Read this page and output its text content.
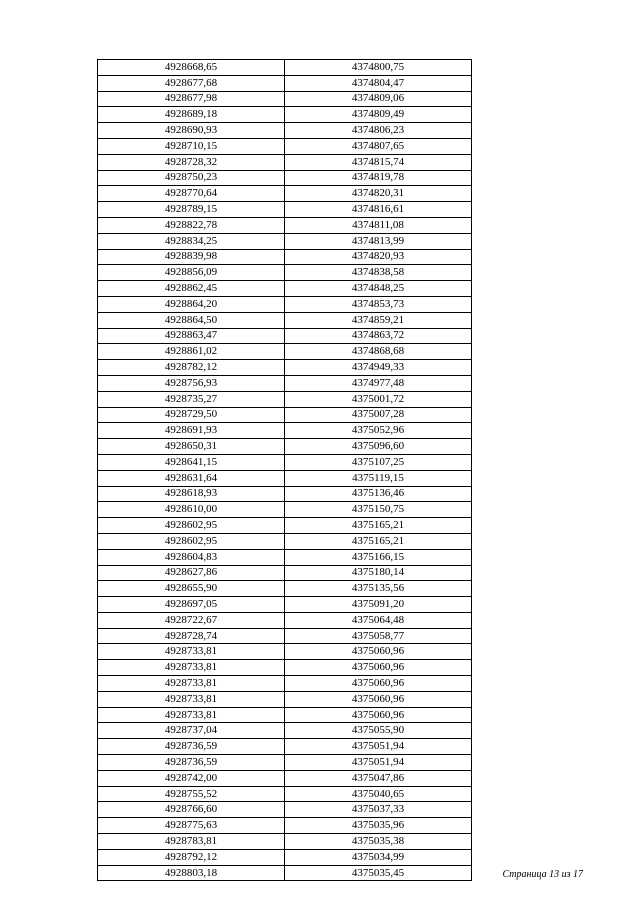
4928668,65	4374800,75
4928677,68	4374804,47
4928677,98	4374809,06
4928689,18	4374809,49
4928690,93	4374806,23
4928710,15	4374807,65
4928728,32	4374815,74
4928750,23	4374819,78
4928770,64	4374820,31
4928789,15	4374816,61
4928822,78	4374811,08
4928834,25	4374813,99
4928839,98	4374820,93
4928856,09	4374838,58
4928862,45	4374848,25
4928864,20	4374853,73
4928864,50	4374859,21
4928863,47	4374863,72
4928861,02	4374868,68
4928782,12	4374949,33
4928756,93	4374977,48
4928735,27	4375001,72
4928729,50	4375007,28
4928691,93	4375052,96
4928650,31	4375096,60
4928641,15	4375107,25
4928631,64	4375119,15
4928618,93	4375136,46
4928610,00	4375150,75
4928602,95	4375165,21
4928602,95	4375165,21
4928604,83	4375166,15
4928627,86	4375180,14
4928655,90	4375135,56
4928697,05	4375091,20
4928722,67	4375064,48
4928728,74	4375058,77
4928733,81	4375060,96
4928733,81	4375060,96
4928733,81	4375060,96
4928733,81	4375060,96
4928733,81	4375060,96
4928737,04	4375055,90
4928736,59	4375051,94
4928736,59	4375051,94
4928742,00	4375047,86
4928755,52	4375040,65
4928766,60	4375037,33
4928775,63	4375035,96
4928783,81	4375035,38
4928792,12	4375034,99
4928803,18	4375035,45	Страница 13 из 17
